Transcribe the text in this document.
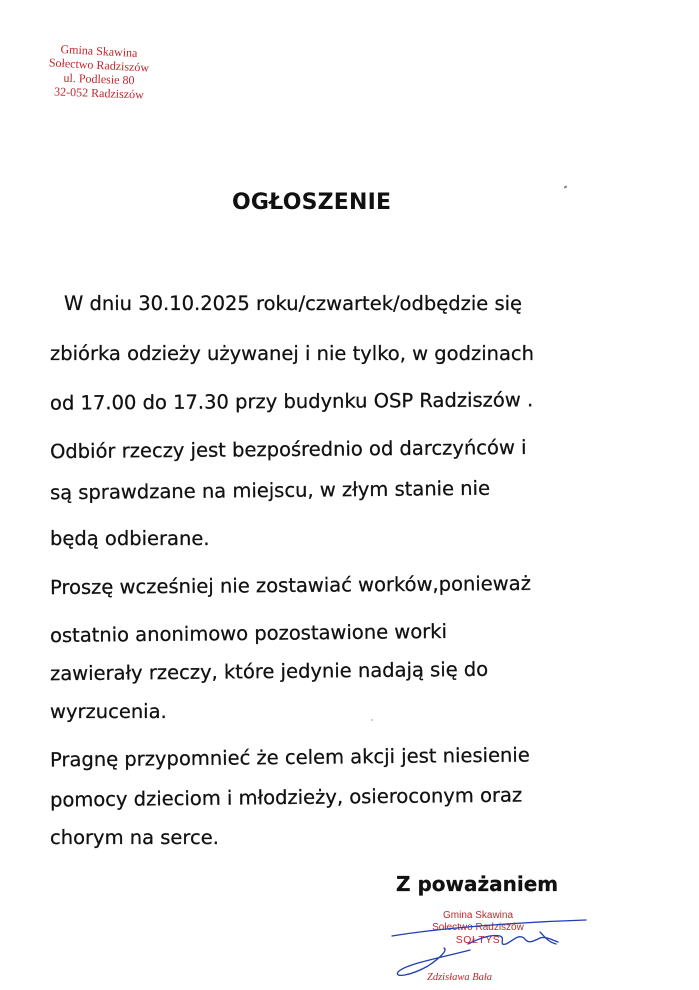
Gmina Skawina
Sołectwo Radziszów
ul. Podlesie 80
32-052 Radziszów
OGŁOSZENIE
W dniu 30.10.2025 roku/czwartek/odbędzie się
zbiórka odzieży używanej i nie tylko, w godzinach
od 17.00 do 17.30 przy budynku OSP Radziszów .
Odbiór rzeczy jest bezpośrednio od darczyńców i
są sprawdzane na miejscu, w złym stanie nie
będą odbierane.
Proszę wcześniej nie zostawiać worków,ponieważ
ostatnio anonimowo pozostawione worki
zawierały rzeczy, które jedynie nadają się do
wyrzucenia.
Pragnę przypomnieć że celem akcji jest niesienie
pomocy dzieciom i młodzieży, osieroconym oraz
chorym na serce.
Z poważaniem
Gmina Skawina
Sołectwo Radziszów
SOŁTYS
Zdzisława Bała
